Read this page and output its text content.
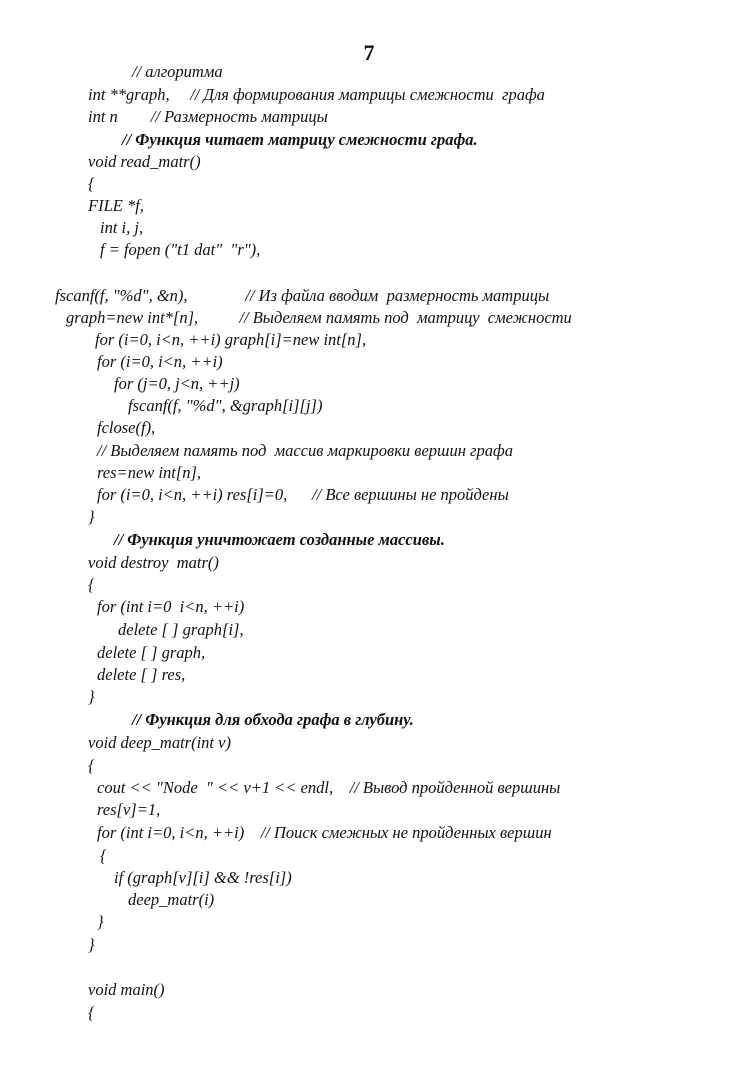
7
// алгоритма
int **graph,     // Для формирования матрицы смежности  графа
int n        // Размерность матрицы
// Функция читает матрицу смежности графа.
void read_matr()
{
FILE *f,
int i, j,
f = fopen ("t1 dat"  "r"),
fscanf(f, "%d", &n),              // Из файла вводим  размерность матрицы
graph=new int*[n],          // Выделяем память под  матрицу  смежности
for (i=0, i<n, ++i) graph[i]=new int[n],
for (i=0, i<n, ++i)
for (j=0, j<n, ++j)
fscanf(f, "%d", &graph[i][j])
fclose(f),
// Выделяем память под  массив маркировки вершин графа
res=new int[n],
for (i=0, i<n, ++i) res[i]=0,      // Все вершины не пройдены
}
// Функция уничтожает созданные массивы.
void destroy  matr()
{
for (int i=0  i<n, ++i)
delete [ ] graph[i],
delete [ ] graph,
delete [ ] res,
}
// Функция для обхода графа в глубину.
void deep_matr(int v)
{
cout << "Node  " << v+1 << endl,    // Вывод пройденной вершины
res[v]=1,
for (int i=0, i<n, ++i)    // Поиск смежных не пройденных вершин
{
if (graph[v][i] && !res[i])
deep_matr(i)
}
}
void main()
{
